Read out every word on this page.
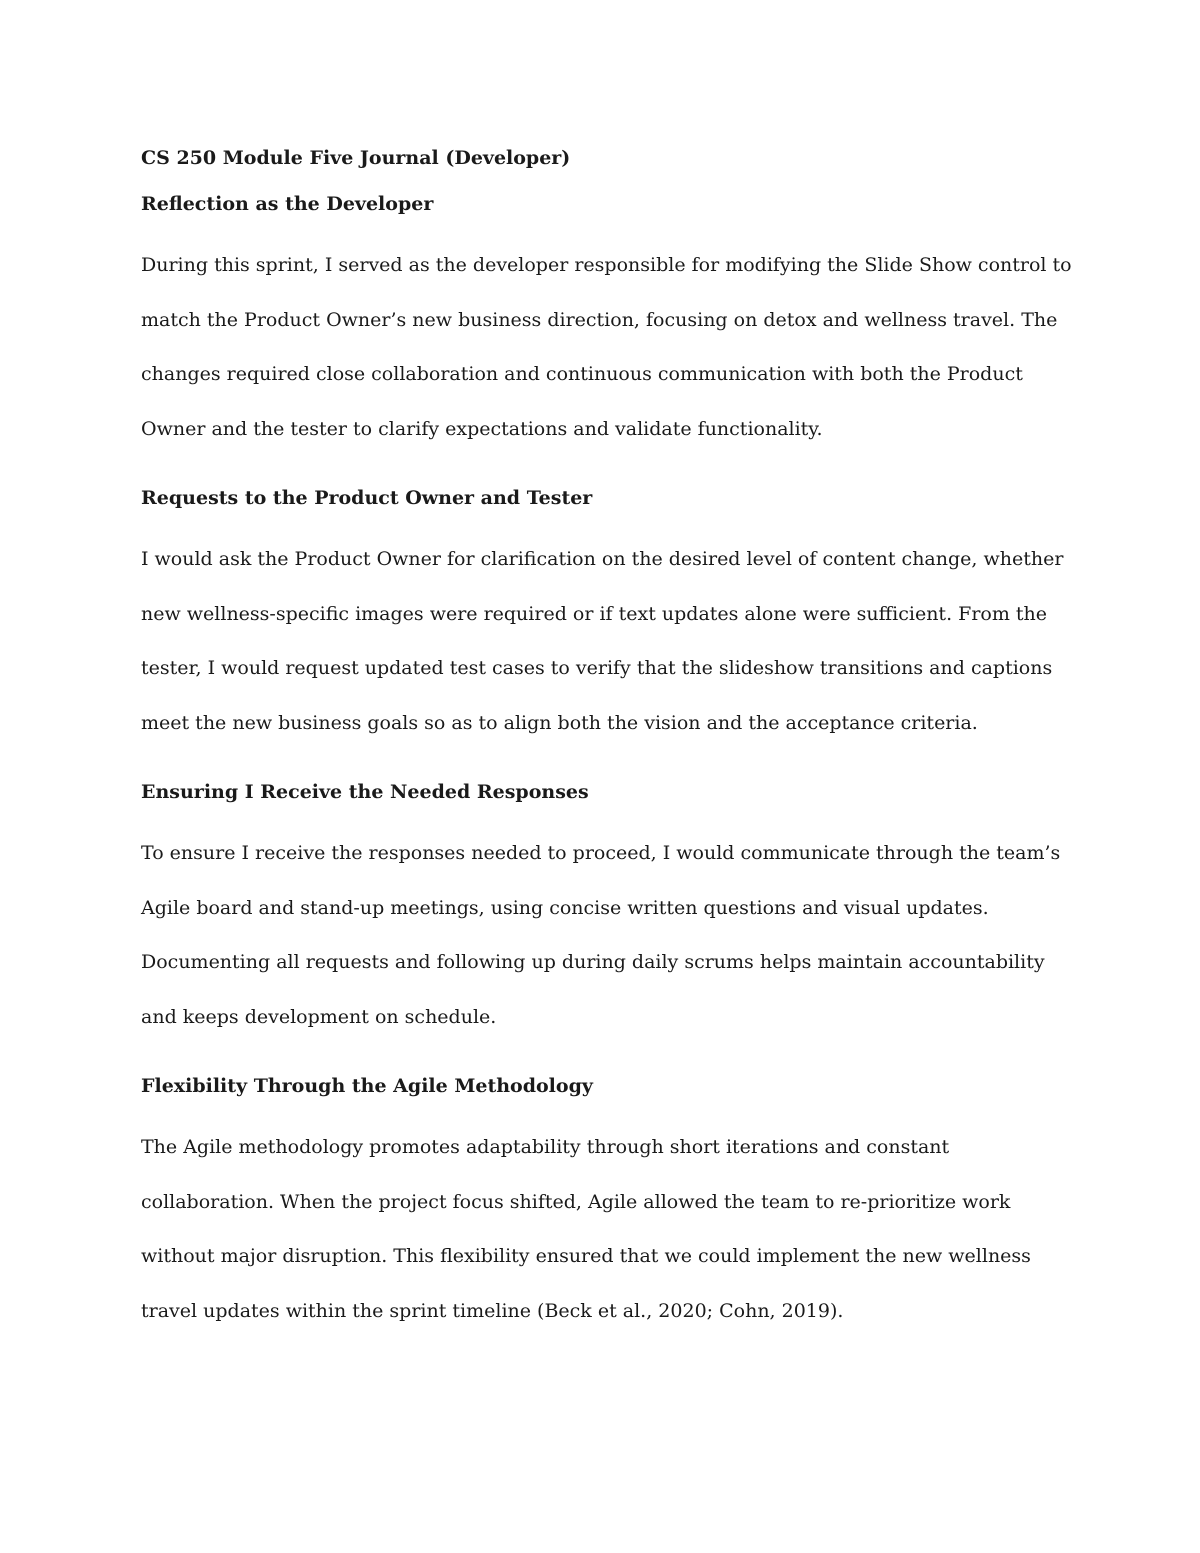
CS 250 Module Five Journal (Developer)

Reflection as the Developer

During this sprint, I served as the developer responsible for modifying the Slide Show control to
match the Product Owner’s new business direction, focusing on detox and wellness travel. The
changes required close collaboration and continuous communication with both the Product
Owner and the tester to clarify expectations and validate functionality.

Requests to the Product Owner and Tester

I would ask the Product Owner for clarification on the desired level of content change, whether
new wellness-specific images were required or if text updates alone were sufficient. From the
tester, I would request updated test cases to verify that the slideshow transitions and captions
meet the new business goals so as to align both the vision and the acceptance criteria.

Ensuring I Receive the Needed Responses

To ensure I receive the responses needed to proceed, I would communicate through the team’s
Agile board and stand-up meetings, using concise written questions and visual updates.
Documenting all requests and following up during daily scrums helps maintain accountability
and keeps development on schedule.

Flexibility Through the Agile Methodology

The Agile methodology promotes adaptability through short iterations and constant
collaboration. When the project focus shifted, Agile allowed the team to re-prioritize work
without major disruption. This flexibility ensured that we could implement the new wellness
travel updates within the sprint timeline (Beck et al., 2020; Cohn, 2019).
